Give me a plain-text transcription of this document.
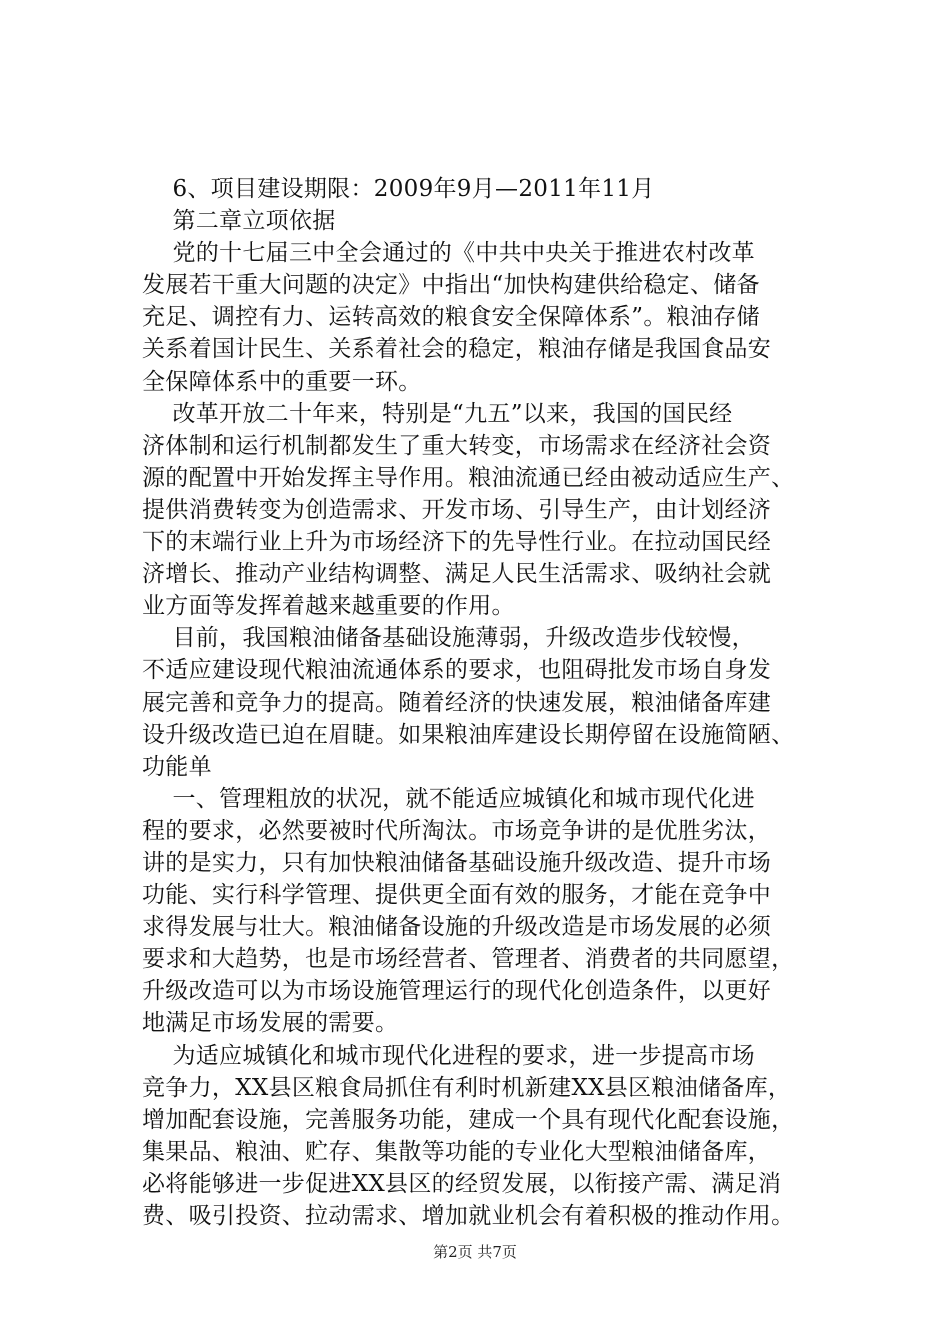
6、项目建设期限：2009年9月—2011年11月
第二章立项依据
党的十七届三中全会通过的《中共中央关于推进农村改革
发展若干重大问题的决定》中指出“加快构建供给稳定、储备
充足、调控有力、运转高效的粮食安全保障体系”。粮油存储
关系着国计民生、关系着社会的稳定，粮油存储是我国食品安
全保障体系中的重要一环。
改革开放二十年来，特别是“九五”以来，我国的国民经
济体制和运行机制都发生了重大转变，市场需求在经济社会资
源的配置中开始发挥主导作用。粮油流通已经由被动适应生产、
提供消费转变为创造需求、开发市场、引导生产，由计划经济
下的末端行业上升为市场经济下的先导性行业。在拉动国民经
济增长、推动产业结构调整、满足人民生活需求、吸纳社会就
业方面等发挥着越来越重要的作用。
目前，我国粮油储备基础设施薄弱，升级改造步伐较慢，
不适应建设现代粮油流通体系的要求，也阻碍批发市场自身发
展完善和竞争力的提高。随着经济的快速发展，粮油储备库建
设升级改造已迫在眉睫。如果粮油库建设长期停留在设施简陋、
功能单
一、管理粗放的状况，就不能适应城镇化和城市现代化进
程的要求，必然要被时代所淘汰。市场竞争讲的是优胜劣汰，
讲的是实力，只有加快粮油储备基础设施升级改造、提升市场
功能、实行科学管理、提供更全面有效的服务，才能在竞争中
求得发展与壮大。粮油储备设施的升级改造是市场发展的必须
要求和大趋势，也是市场经营者、管理者、消费者的共同愿望，
升级改造可以为市场设施管理运行的现代化创造条件，以更好
地满足市场发展的需要。
为适应城镇化和城市现代化进程的要求，进一步提高市场
竞争力，XX县区粮食局抓住有利时机新建XX县区粮油储备库，
增加配套设施，完善服务功能，建成一个具有现代化配套设施，
集果品、粮油、贮存、集散等功能的专业化大型粮油储备库，
必将能够进一步促进XX县区的经贸发展，以衔接产需、满足消
费、吸引投资、拉动需求、增加就业机会有着积极的推动作用。
第2页 共7页
